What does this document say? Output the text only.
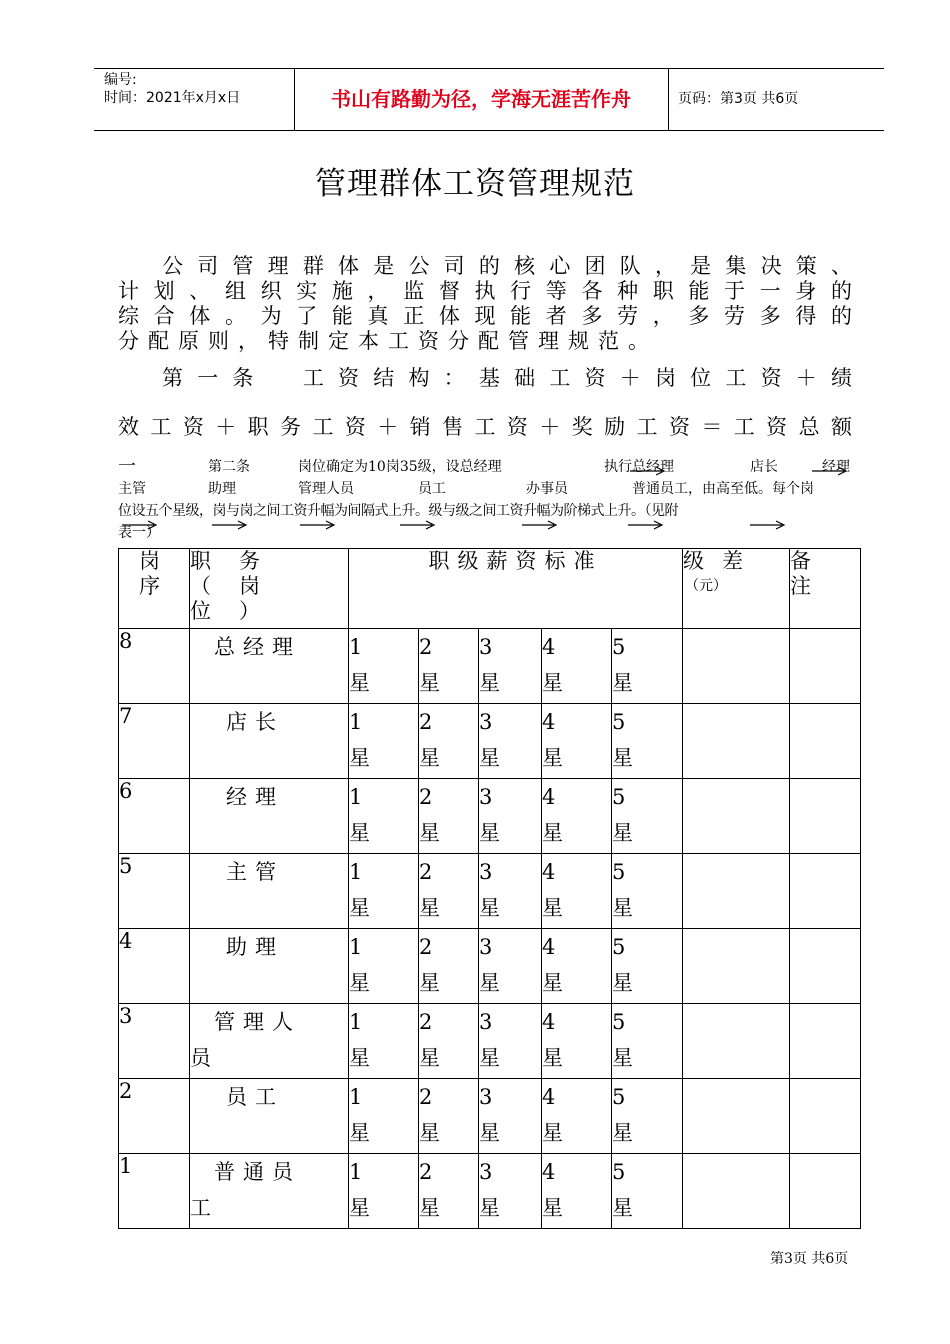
编号:
时间：2021年x月x日	书山有路勤为径，学海无涯苦作舟	页码：第3页 共6页
管理群体工资管理规范
公司管理群体是公司的核心团队，是集决策、
计划、组织实施，监督执行等各种职能于一身的
综合体。为了能真正体现能者多劳，多劳多得的
分配原则，特制定本工资分配管理规范。
第一条　工资结构：基础工资＋岗位工资＋绩
效工资＋职务工资＋销售工资＋奖励工资＝工资总额
一	第二条	岗位确定为10岗35级，设总经理	执行总经理	店长	经理
主管	助理	管理人员	员工	办事员	普通员工，由高至低。每个岗
位设五个星级，岗与岗之间工资升幅为间隔式上升。级与级之间工资升幅为阶梯式上升。（见附
表一）
岗序	职务（岗位）	职级薪资标准					级差
（元）	备注

8	总经理	1星	2星	3星	4星	5星		

7	店长	1星	2星	3星	4星	5星		

6	经理	1星	2星	3星	4星	5星		

5	主管	1星	2星	3星	4星	5星		

4	助理	1星	2星	3星	4星	5星		

3	管理人员	1星	2星	3星	4星	5星		

2	员工	1星	2星	3星	4星	5星		

1	普通员工	1星	2星	3星	4星	5星		

第3页 共6页
